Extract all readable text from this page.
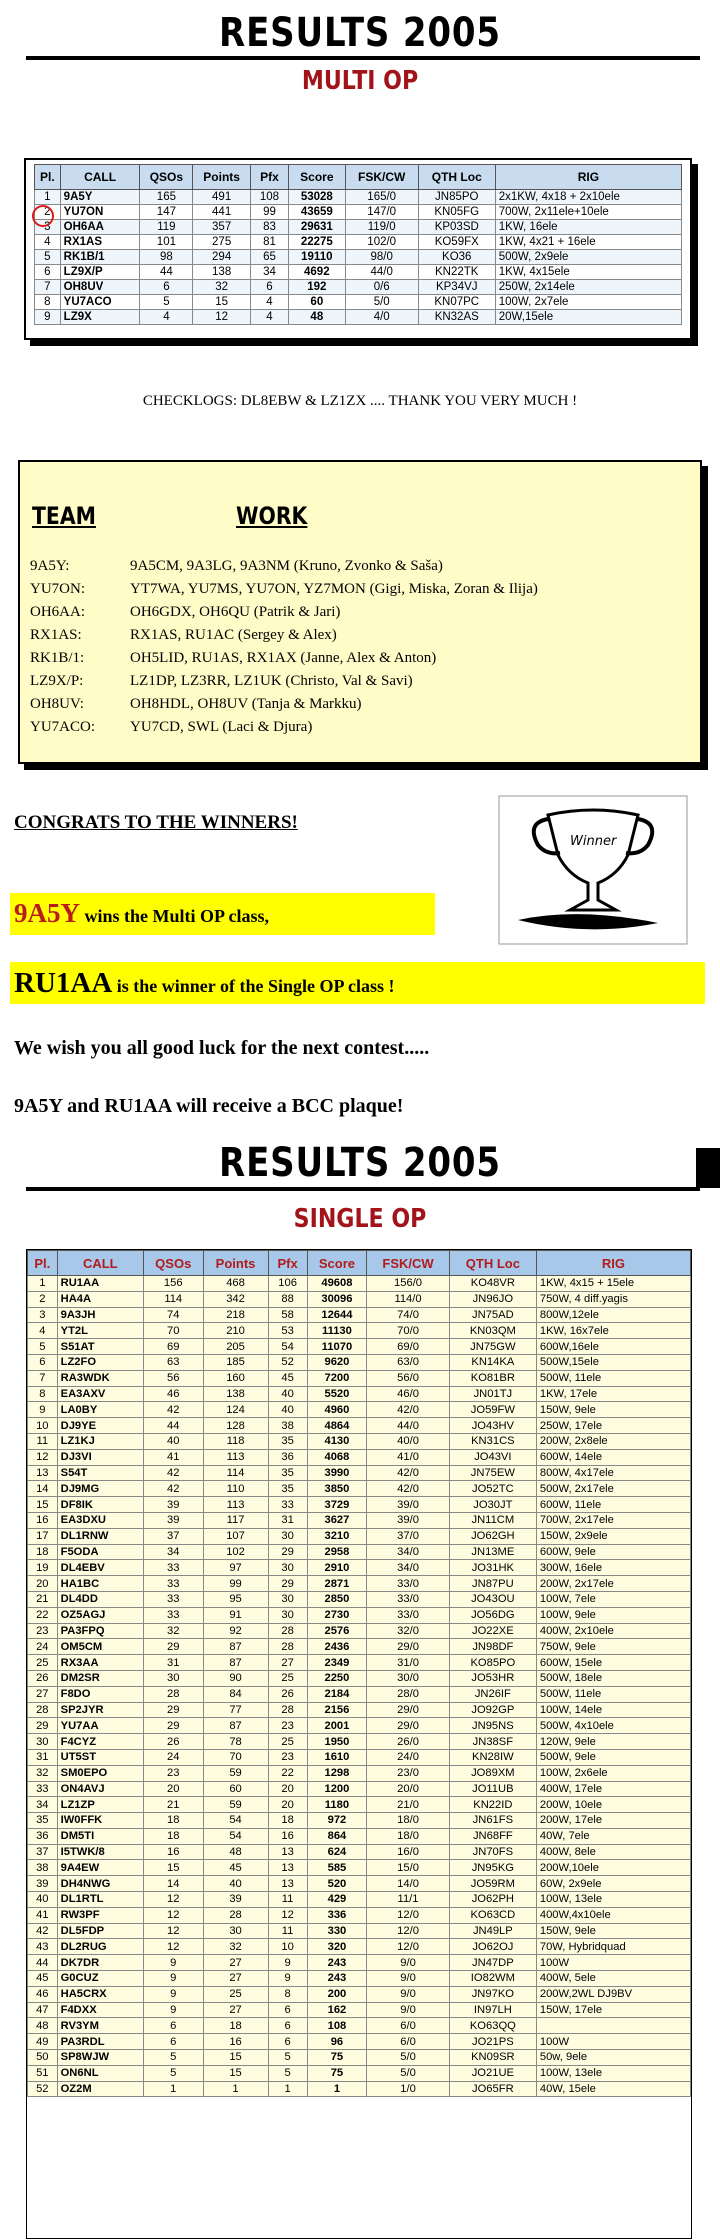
RESULTS 2005
MULTI OP
Pl.	CALL	QSOs	Points	Pfx	Score	FSK/CW	QTH Loc	RIG
1	9A5Y	165	491	108	53028	165/0	JN85PO	2x1KW, 4x18 + 2x10ele
2	YU7ON	147	441	99	43659	147/0	KN05FG	700W, 2x11ele+10ele
3	OH6AA	119	357	83	29631	119/0	KP03SD	1KW, 16ele
4	RX1AS	101	275	81	22275	102/0	KO59FX	1KW, 4x21 + 16ele
5	RK1B/1	98	294	65	19110	98/0	KO36	500W, 2x9ele
6	LZ9X/P	44	138	34	4692	44/0	KN22TK	1KW, 4x15ele
7	OH8UV	6	32	6	192	0/6	KP34VJ	250W, 2x14ele
8	YU7ACO	5	15	4	60	5/0	KN07PC	100W, 2x7ele
9	LZ9X	4	12	4	48	4/0	KN32AS	20W,15ele
CHECKLOGS: DL8EBW & LZ1ZX .... THANK YOU VERY MUCH !
TEAM	WORK
9A5Y:	9A5CM, 9A3LG, 9A3NM (Kruno, Zvonko & Saša)
YU7ON:	YT7WA, YU7MS, YU7ON, YZ7MON (Gigi, Miska, Zoran & Ilija)
OH6AA:	OH6GDX, OH6QU (Patrik & Jari)
RX1AS:	RX1AS, RU1AC (Sergey & Alex)
RK1B/1:	OH5LID, RU1AS, RX1AX (Janne, Alex & Anton)
LZ9X/P:	LZ1DP, LZ3RR, LZ1UK (Christo, Val & Savi)
OH8UV:	OH8HDL, OH8UV (Tanja & Markku)
YU7ACO: YU7CD, SWL (Laci & Djura)
CONGRATS TO THE WINNERS!
Winner
9A5Y wins the Multi OP class,
RU1AA is the winner of the Single OP class !
We wish you all good luck for the next contest.....
9A5Y and RU1AA will receive a BCC plaque!
RESULTS 2005
SINGLE OP
Pl.	CALL	QSOs	Points	Pfx	Score	FSK/CW	QTH Loc	RIG
1	RU1AA	156	468	106	49608	156/0	KO48VR	1KW, 4x15 + 15ele
2	HA4A	114	342	88	30096	114/0	JN96JO	750W, 4 diff.yagis
3	9A3JH	74	218	58	12644	74/0	JN75AD	800W,12ele
4	YT2L	70	210	53	11130	70/0	KN03QM	1KW, 16x7ele
5	S51AT	69	205	54	11070	69/0	JN75GW	600W,16ele
6	LZ2FO	63	185	52	9620	63/0	KN14KA	500W,15ele
7	RA3WDK	56	160	45	7200	56/0	KO81BR	500W, 11ele
8	EA3AXV	46	138	40	5520	46/0	JN01TJ	1KW, 17ele
9	LA0BY	42	124	40	4960	42/0	JO59FW	150W, 9ele
10	DJ9YE	44	128	38	4864	44/0	JO43HV	250W, 17ele
11	LZ1KJ	40	118	35	4130	40/0	KN31CS	200W, 2x8ele
12	DJ3VI	41	113	36	4068	41/0	JO43VI	600W, 14ele
13	S54T	42	114	35	3990	42/0	JN75EW	800W, 4x17ele
14	DJ9MG	42	110	35	3850	42/0	JO52TC	500W, 2x17ele
15	DF8IK	39	113	33	3729	39/0	JO30JT	600W, 11ele
16	EA3DXU	39	117	31	3627	39/0	JN11CM	700W, 2x17ele
17	DL1RNW	37	107	30	3210	37/0	JO62GH	150W, 2x9ele
18	F5ODA	34	102	29	2958	34/0	JN13ME	600W, 9ele
19	DL4EBV	33	97	30	2910	34/0	JO31HK	300W, 16ele
20	HA1BC	33	99	29	2871	33/0	JN87PU	200W, 2x17ele
21	DL4DD	33	95	30	2850	33/0	JO43OU	100W, 7ele
22	OZ5AGJ	33	91	30	2730	33/0	JO56DG	100W, 9ele
23	PA3FPQ	32	92	28	2576	32/0	JO22XE	400W, 2x10ele
24	OM5CM	29	87	28	2436	29/0	JN98DF	750W, 9ele
25	RX3AA	31	87	27	2349	31/0	KO85PO	600W, 15ele
26	DM2SR	30	90	25	2250	30/0	JO53HR	500W, 18ele
27	F8DO	28	84	26	2184	28/0	JN26IF	500W, 11ele
28	SP2JYR	29	77	28	2156	29/0	JO92GP	100W, 14ele
29	YU7AA	29	87	23	2001	29/0	JN95NS	500W, 4x10ele
30	F4CYZ	26	78	25	1950	26/0	JN38SF	120W, 9ele
31	UT5ST	24	70	23	1610	24/0	KN28IW	500W, 9ele
32	SM0EPO	23	59	22	1298	23/0	JO89XM	100W, 2x6ele
33	ON4AVJ	20	60	20	1200	20/0	JO11UB	400W, 17ele
34	LZ1ZP	21	59	20	1180	21/0	KN22ID	200W, 10ele
35	IW0FFK	18	54	18	972	18/0	JN61FS	200W, 17ele
36	DM5TI	18	54	16	864	18/0	JN68FF	40W, 7ele
37	I5TWK/8	16	48	13	624	16/0	JN70FS	400W, 8ele
38	9A4EW	15	45	13	585	15/0	JN95KG	200W,10ele
39	DH4NWG	14	40	13	520	14/0	JO59RM	60W, 2x9ele
40	DL1RTL	12	39	11	429	11/1	JO62PH	100W, 13ele
41	RW3PF	12	28	12	336	12/0	KO63CD	400W,4x10ele
42	DL5FDP	12	30	11	330	12/0	JN49LP	150W, 9ele
43	DL2RUG	12	32	10	320	12/0	JO62OJ	70W, Hybridquad
44	DK7DR	9	27	9	243	9/0	JN47DP	100W
45	G0CUZ	9	27	9	243	9/0	IO82WM	400W, 5ele
46	HA5CRX	9	25	8	200	9/0	JN97KO	200W,2WL DJ9BV
47	F4DXX	9	27	6	162	9/0	IN97LH	150W, 17ele
48	RV3YM	6	18	6	108	6/0	KO63QQ	
49	PA3RDL	6	16	6	96	6/0	JO21PS	100W
50	SP8WJW	5	15	5	75	5/0	KN09SR	50w, 9ele
51	ON6NL	5	15	5	75	5/0	JO21UE	100W, 13ele
52	OZ2M	1	1	1	1	1/0	JO65FR	40W, 15ele
